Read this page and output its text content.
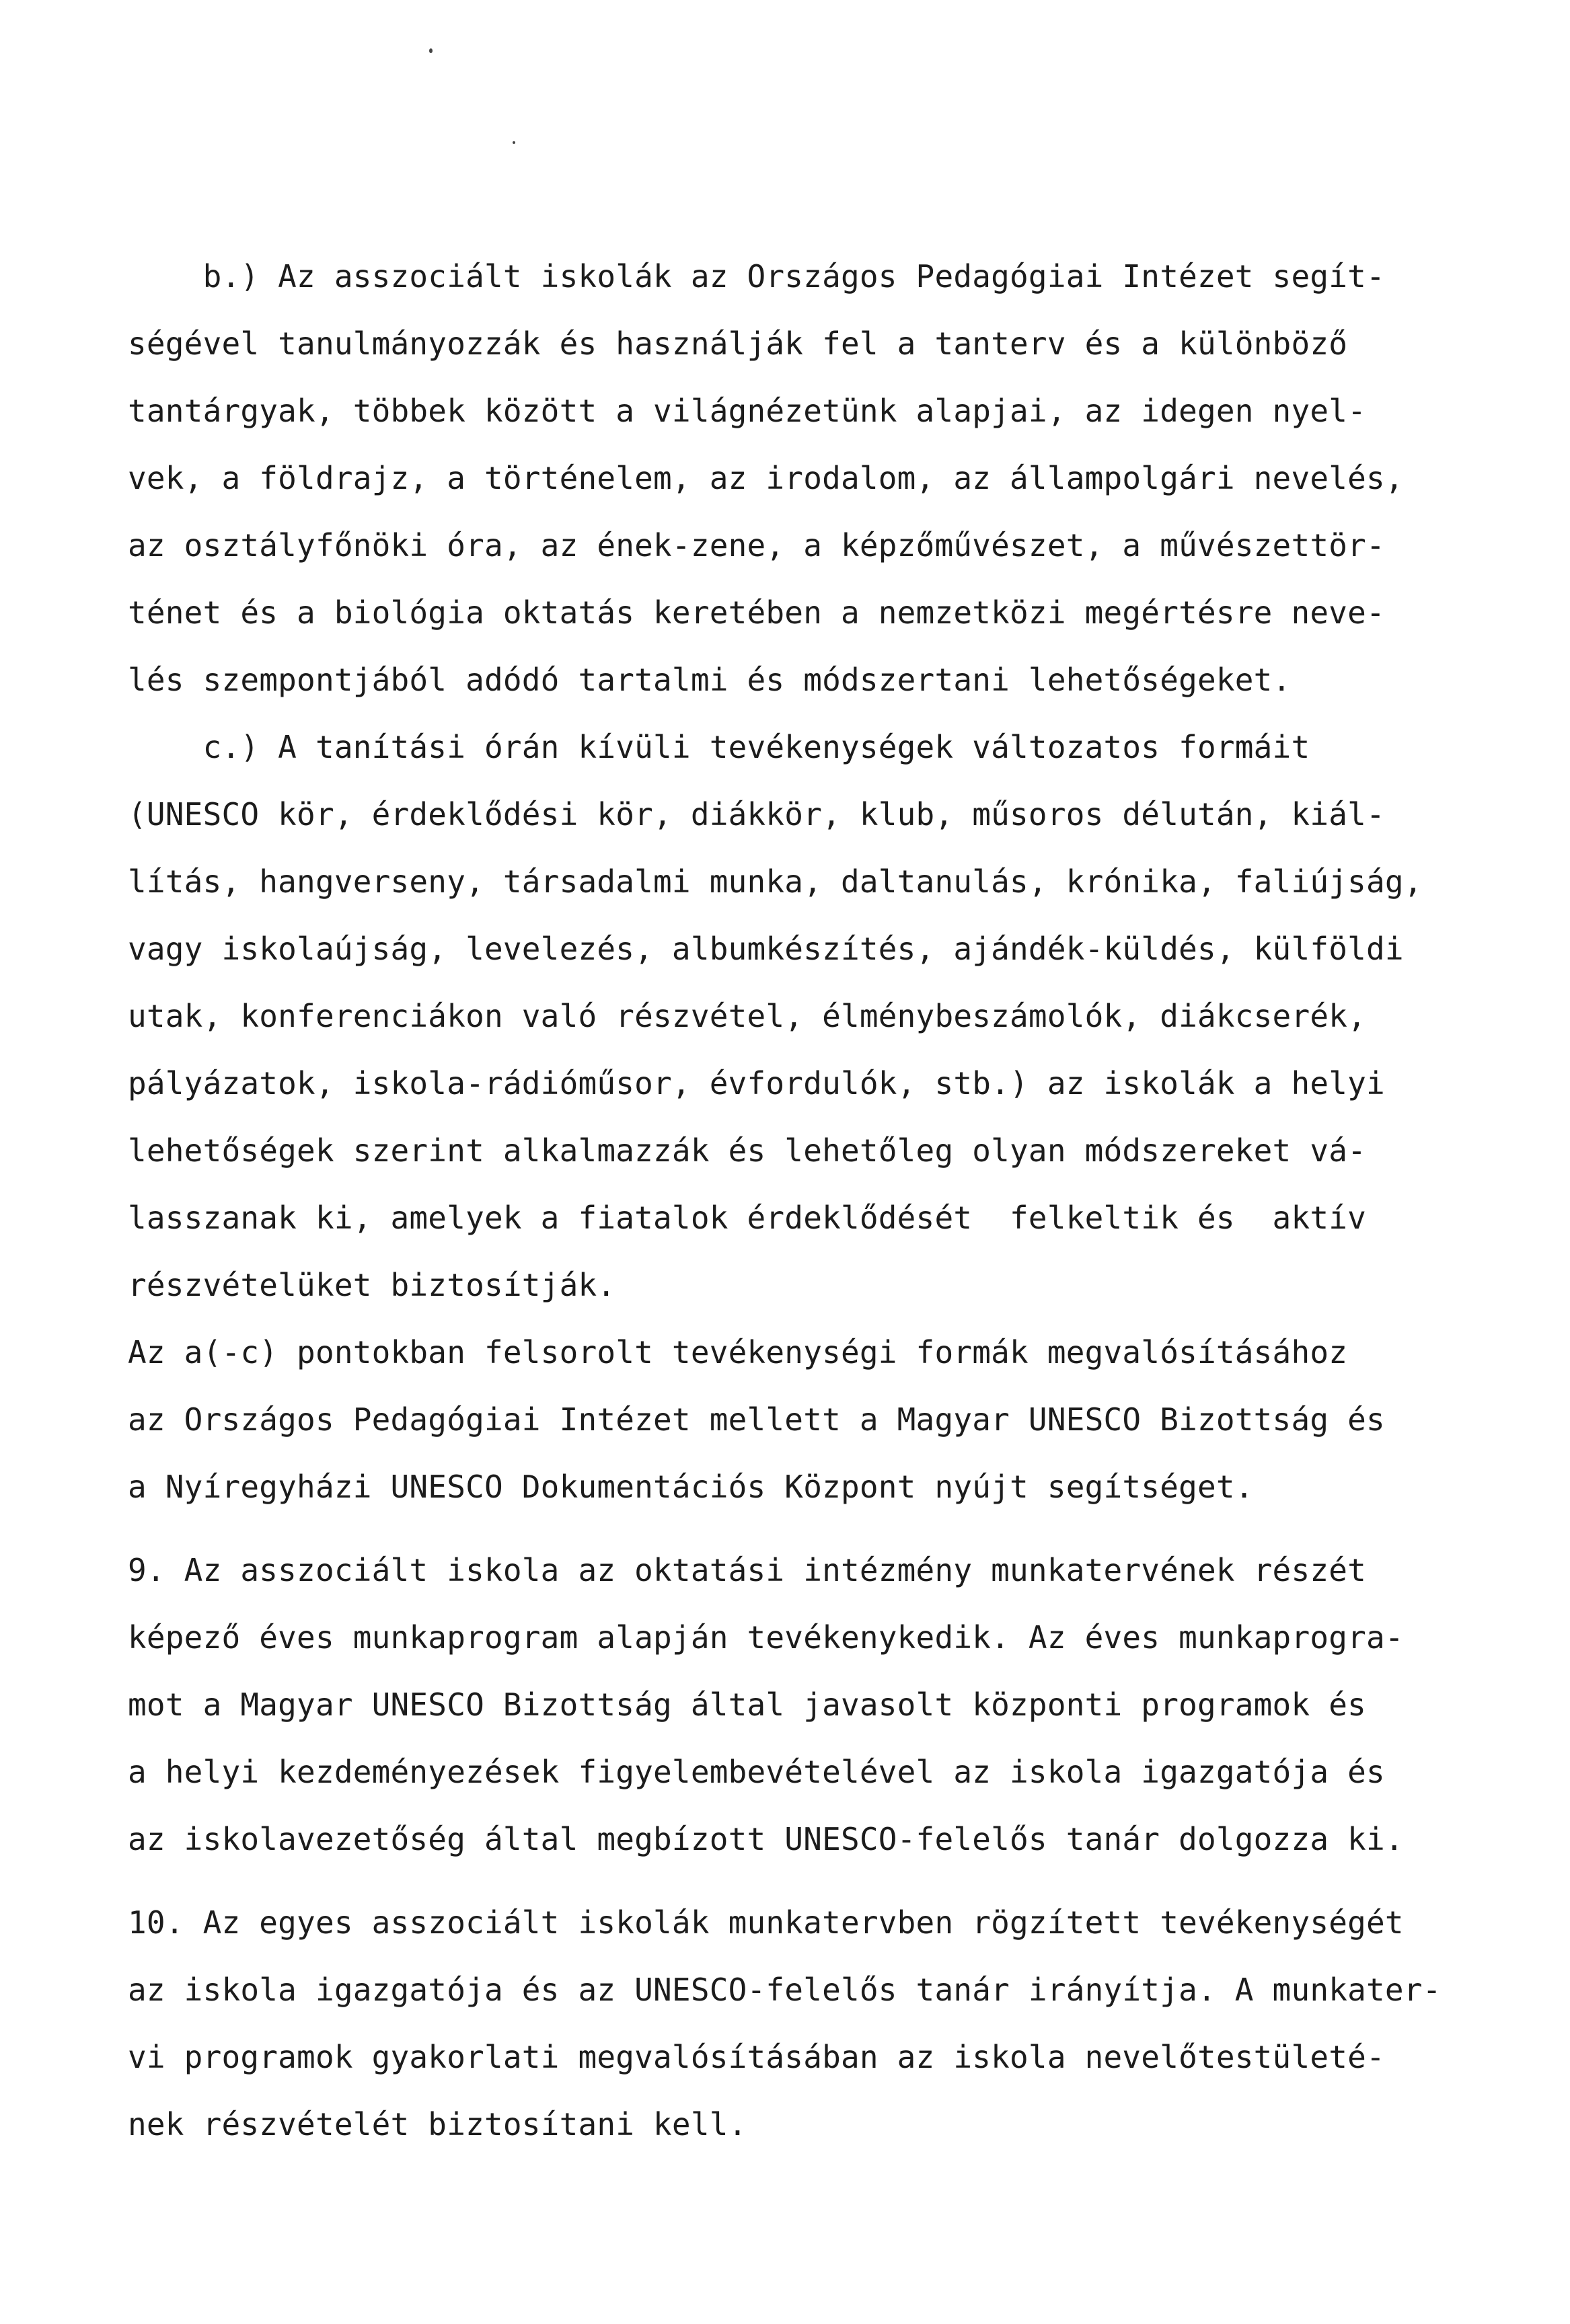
b.) Az asszociált iskolák az Országos Pedagógiai Intézet segít-
ségével tanulmányozzák és használják fel a tanterv és a különböző
tantárgyak, többek között a világnézetünk alapjai, az idegen nyel-
vek, a földrajz, a történelem, az irodalom, az állampolgári nevelés,
az osztályfőnöki óra, az ének-zene, a képzőművészet, a művészettör-
ténet és a biológia oktatás keretében a nemzetközi megértésre neve-
lés szempontjából adódó tartalmi és módszertani lehetőségeket.
c.) A tanítási órán kívüli tevékenységek változatos formáit
(UNESCO kör, érdeklődési kör, diákkör, klub, műsoros délután, kiál-
lítás, hangverseny, társadalmi munka, daltanulás, krónika, faliújság,
vagy iskolaújság, levelezés, albumkészítés, ajándék-küldés, külföldi
utak, konferenciákon való részvétel, élménybeszámolók, diákcserék,
pályázatok, iskola-rádióműsor, évfordulók, stb.) az iskolák a helyi
lehetőségek szerint alkalmazzák és lehetőleg olyan módszereket vá-
lasszanak ki, amelyek a fiatalok érdeklődését  felkeltik és  aktív
részvételüket biztosítják.
Az a(-c) pontokban felsorolt tevékenységi formák megvalósításához
az Országos Pedagógiai Intézet mellett a Magyar UNESCO Bizottság és
a Nyíregyházi UNESCO Dokumentációs Központ nyújt segítséget.
9. Az asszociált iskola az oktatási intézmény munkatervének részét
képező éves munkaprogram alapján tevékenykedik. Az éves munkaprogra-
mot a Magyar UNESCO Bizottság által javasolt központi programok és
a helyi kezdeményezések figyelembevételével az iskola igazgatója és
az iskolavezetőség által megbízott UNESCO-felelős tanár dolgozza ki.
10. Az egyes asszociált iskolák munkatervben rögzített tevékenységét
az iskola igazgatója és az UNESCO-felelős tanár irányítja. A munkater-
vi programok gyakorlati megvalósításában az iskola nevelőtestületé-
nek részvételét biztosítani kell.
